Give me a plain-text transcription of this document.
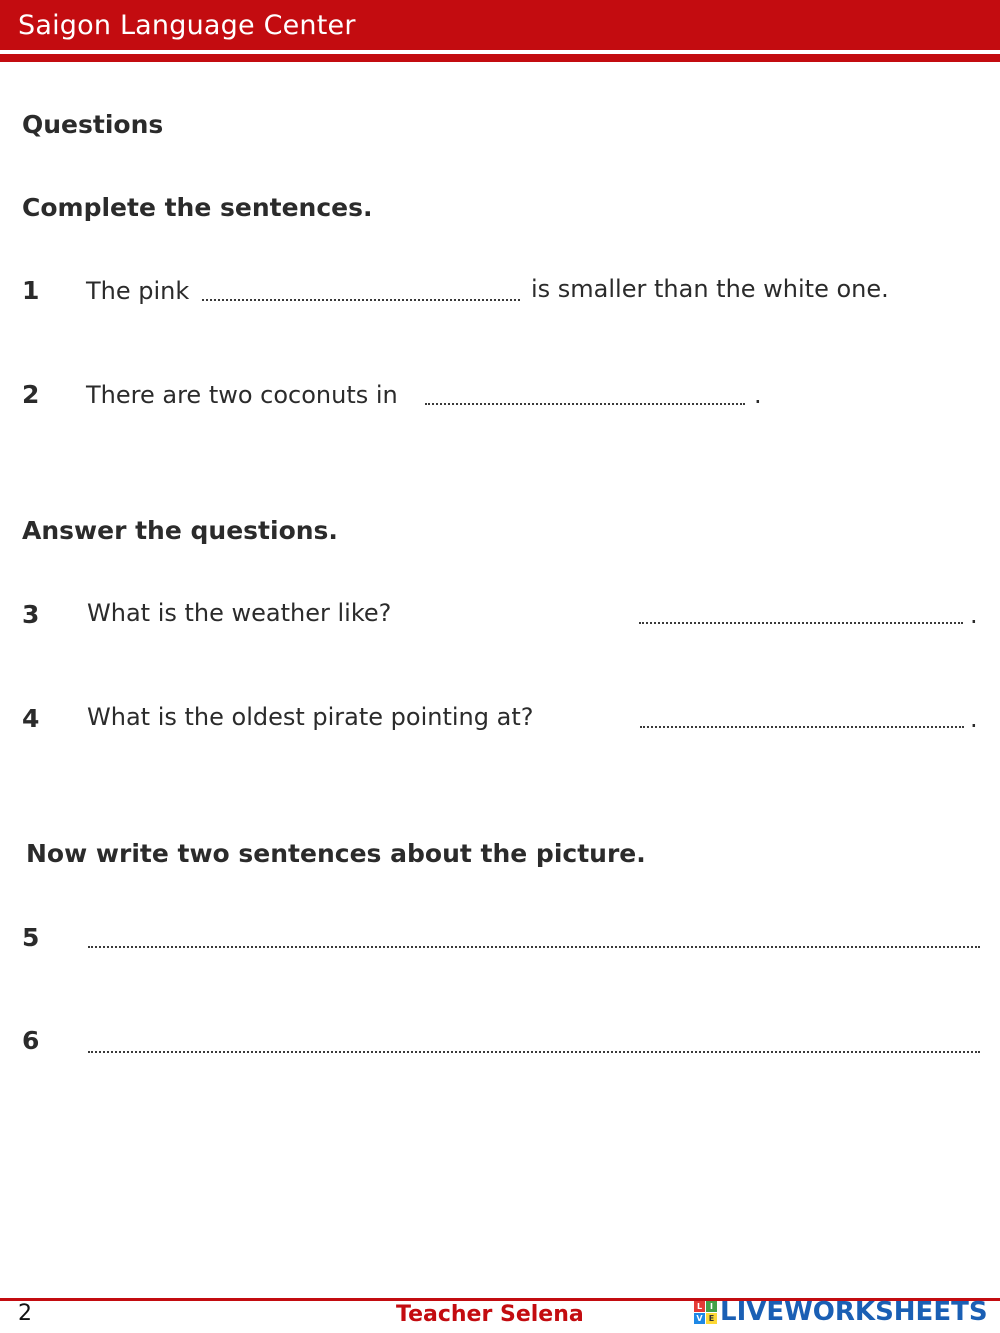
Saigon Language Center
Questions
Complete the sentences.
1 The pink	is smaller than the white one.
2 There are two coconuts in	.
Answer the questions.
3 What is the weather like?	.
4 What is the oldest pirate pointing at?	.
Now write two sentences about the picture.
5
6
2	Teacher Selena	L I
V E LIVEWORKSHEETS
